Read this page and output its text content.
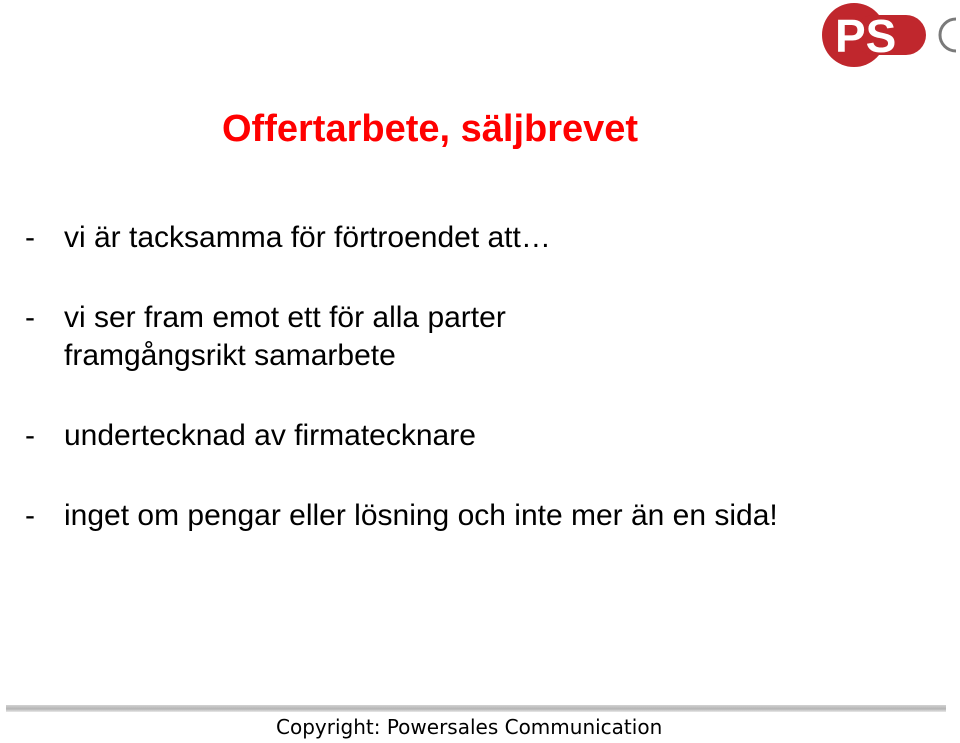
PS
Offertarbete, säljbrevet
- vi är tacksamma för förtroendet att…
- vi ser fram emot ett för alla parter
framgångsrikt samarbete
- undertecknad av firmatecknare
- inget om pengar eller lösning och inte mer än en sida!
Copyright: Powersales Communication
